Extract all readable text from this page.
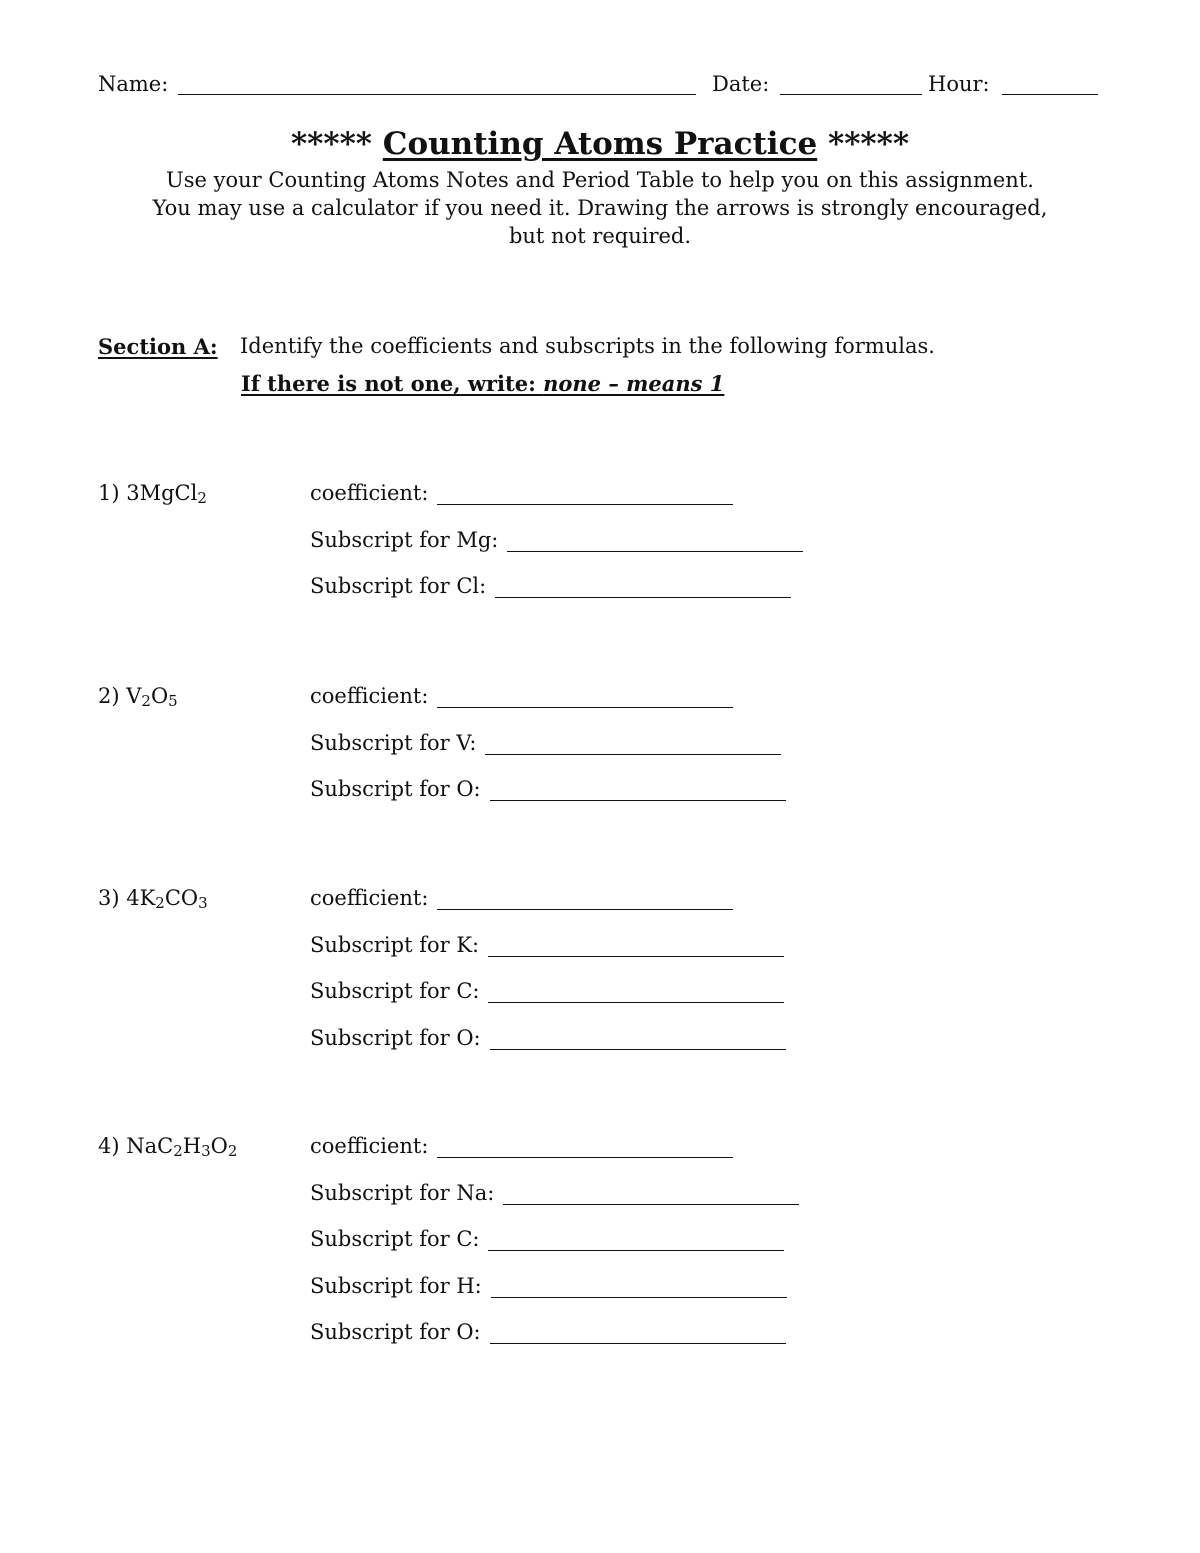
Name:	Date:	Hour:
***** Counting Atoms Practice *****
Use your Counting Atoms Notes and Period Table to help you on this assignment.
You may use a calculator if you need it. Drawing the arrows is strongly encouraged,
but not required.
Section A: Identify the coefficients and subscripts in the following formulas.
If there is not one, write: none – means 1
1) 3MgCl$_2$	coefficient:
Subscript for Mg:
Subscript for Cl:
2) $V_2O_5$	coefficient:
Subscript for V:
Subscript for O:
3) $4K_2CO_3$	coefficient:
Subscript for K:
Subscript for C:
Subscript for O:
4) $NaC_2H_3O_2$	coefficient:
Subscript for Na:
Subscript for C:
Subscript for H:
Subscript for O:
